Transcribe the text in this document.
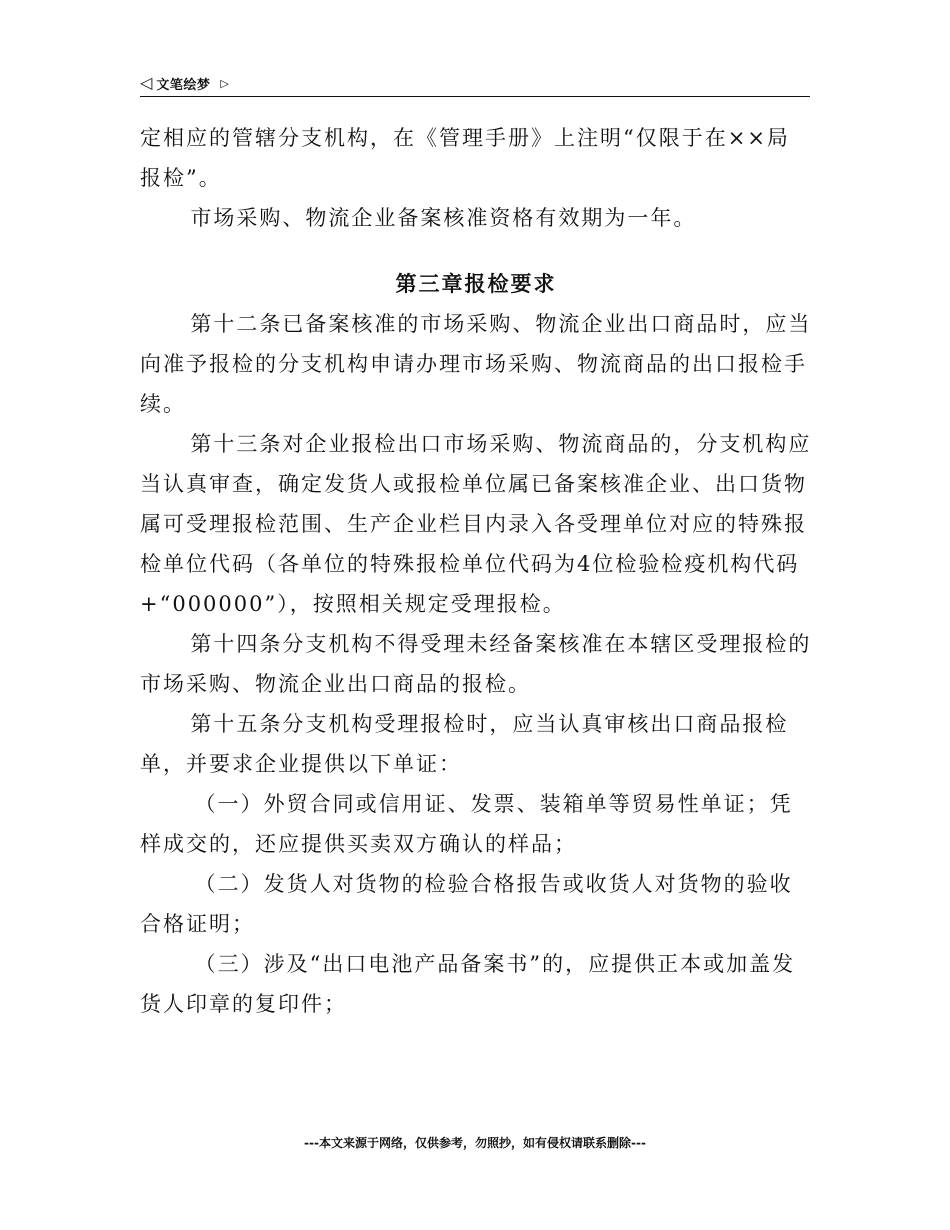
◁ 文笔绘梦 ▷

定相应的管辖分支机构，在《管理手册》上注明“仅限于在××局报检”。

市场采购、物流企业备案核准资格有效期为一年。

第三章报检要求

第十二条已备案核准的市场采购、物流企业出口商品时，应当向准予报检的分支机构申请办理市场采购、物流商品的出口报检手续。

第十三条对企业报检出口市场采购、物流商品的，分支机构应当认真审查，确定发货人或报检单位属已备案核准企业、出口货物属可受理报检范围、生产企业栏目内录入各受理单位对应的特殊报检单位代码（各单位的特殊报检单位代码为4位检验检疫机构代码+“000000”），按照相关规定受理报检。

第十四条分支机构不得受理未经备案核准在本辖区受理报检的市场采购、物流企业出口商品的报检。

第十五条分支机构受理报检时，应当认真审核出口商品报检单，并要求企业提供以下单证：

（一）外贸合同或信用证、发票、装箱单等贸易性单证；凭样成交的，还应提供买卖双方确认的样品；

（二）发货人对货物的检验合格报告或收货人对货物的验收合格证明；

（三）涉及“出口电池产品备案书”的，应提供正本或加盖发货人印章的复印件；

---本文来源于网络，仅供参考，勿照抄，如有侵权请联系删除---
